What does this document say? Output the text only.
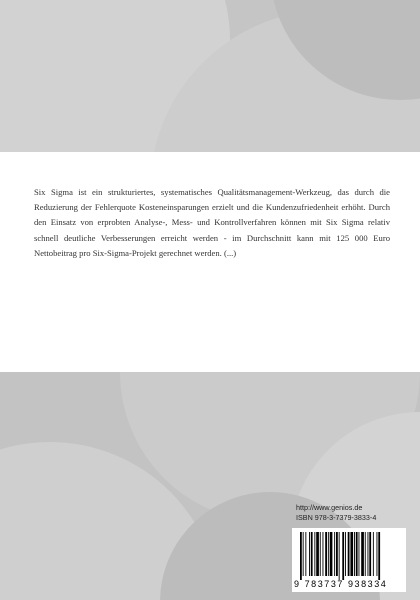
Six Sigma ist ein strukturiertes, systematisches Qualitätsmanagement-Werkzeug, das durch die Reduzierung der Fehlerquote Kosteneinsparungen erzielt und die Kundenzufriedenheit erhöht. Durch den Einsatz von erprobten Analyse-, Mess- und Kontrollverfahren können mit Six Sigma relativ schnell deutliche Verbesserungen erreicht werden - im Durchschnitt kann mit 125 000 Euro Nettobeitrag pro Six-Sigma-Projekt gerechnet werden. (...)

http://www.genios.de
ISBN 978-3-7379-3833-4
9 783737 938334
